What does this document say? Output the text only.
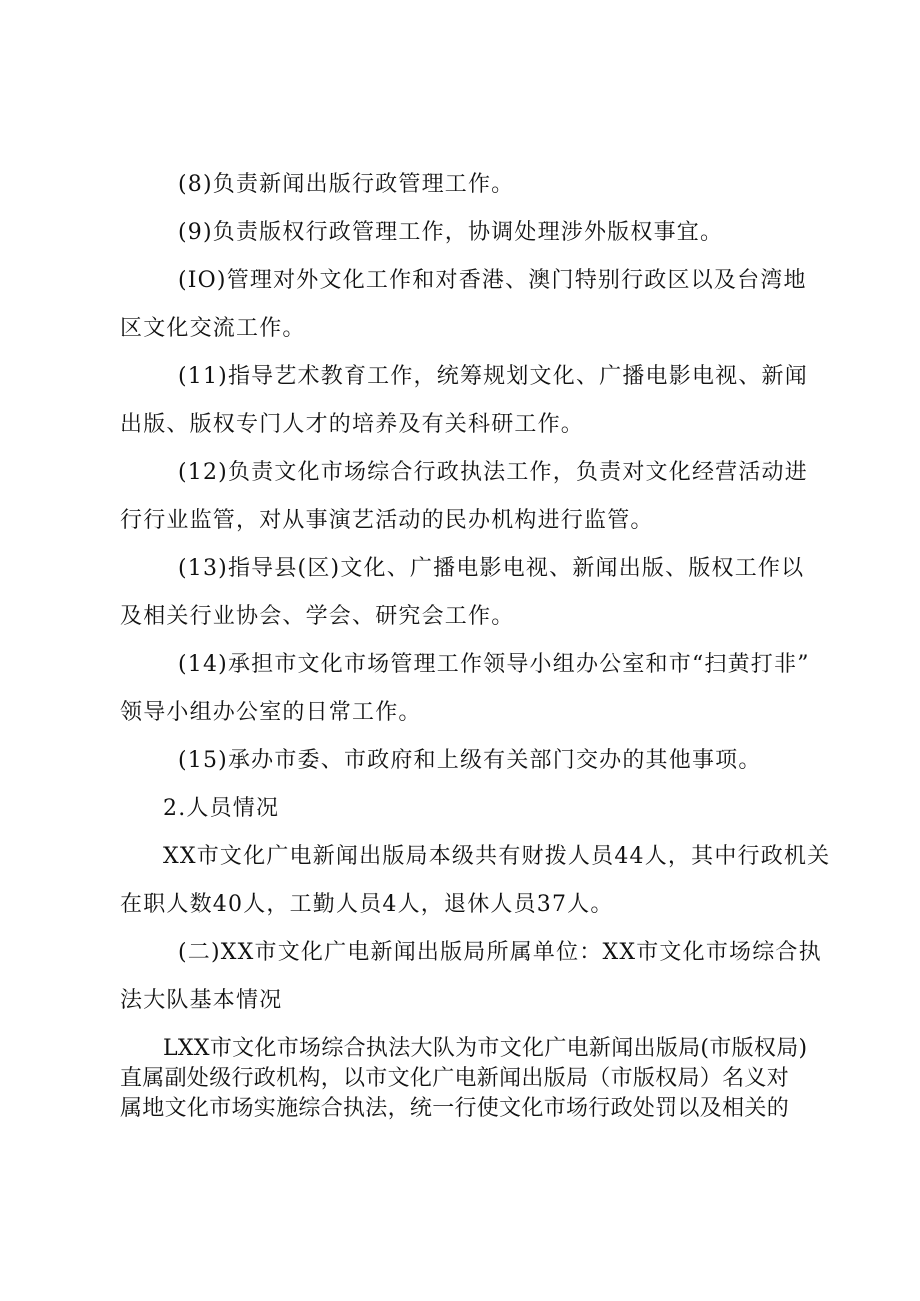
(8)负责新闻出版行政管理工作。
(9)负责版权行政管理工作，协调处理涉外版权事宜。
(IO)管理对外文化工作和对香港、澳门特别行政区以及台湾地
区文化交流工作。
(11)指导艺术教育工作，统筹规划文化、广播电影电视、新闻
出版、版权专门人才的培养及有关科研工作。
(12)负责文化市场综合行政执法工作，负责对文化经营活动进
行行业监管，对从事演艺活动的民办机构进行监管。
(13)指导县(区)文化、广播电影电视、新闻出版、版权工作以
及相关行业协会、学会、研究会工作。
(14)承担市文化市场管理工作领导小组办公室和市“扫黄打非”
领导小组办公室的日常工作。
(15)承办市委、市政府和上级有关部门交办的其他事项。
2.人员情况
XX市文化广电新闻出版局本级共有财拨人员44人，其中行政机关
在职人数40人，工勤人员4人，退休人员37人。
(二)XX市文化广电新闻出版局所属单位：XX市文化市场综合执
法大队基本情况
LXX市文化市场综合执法大队为市文化广电新闻出版局(市版权局)
直属副处级行政机构，以市文化广电新闻出版局（市版权局）名义对
属地文化市场实施综合执法，统一行使文化市场行政处罚以及相关的
